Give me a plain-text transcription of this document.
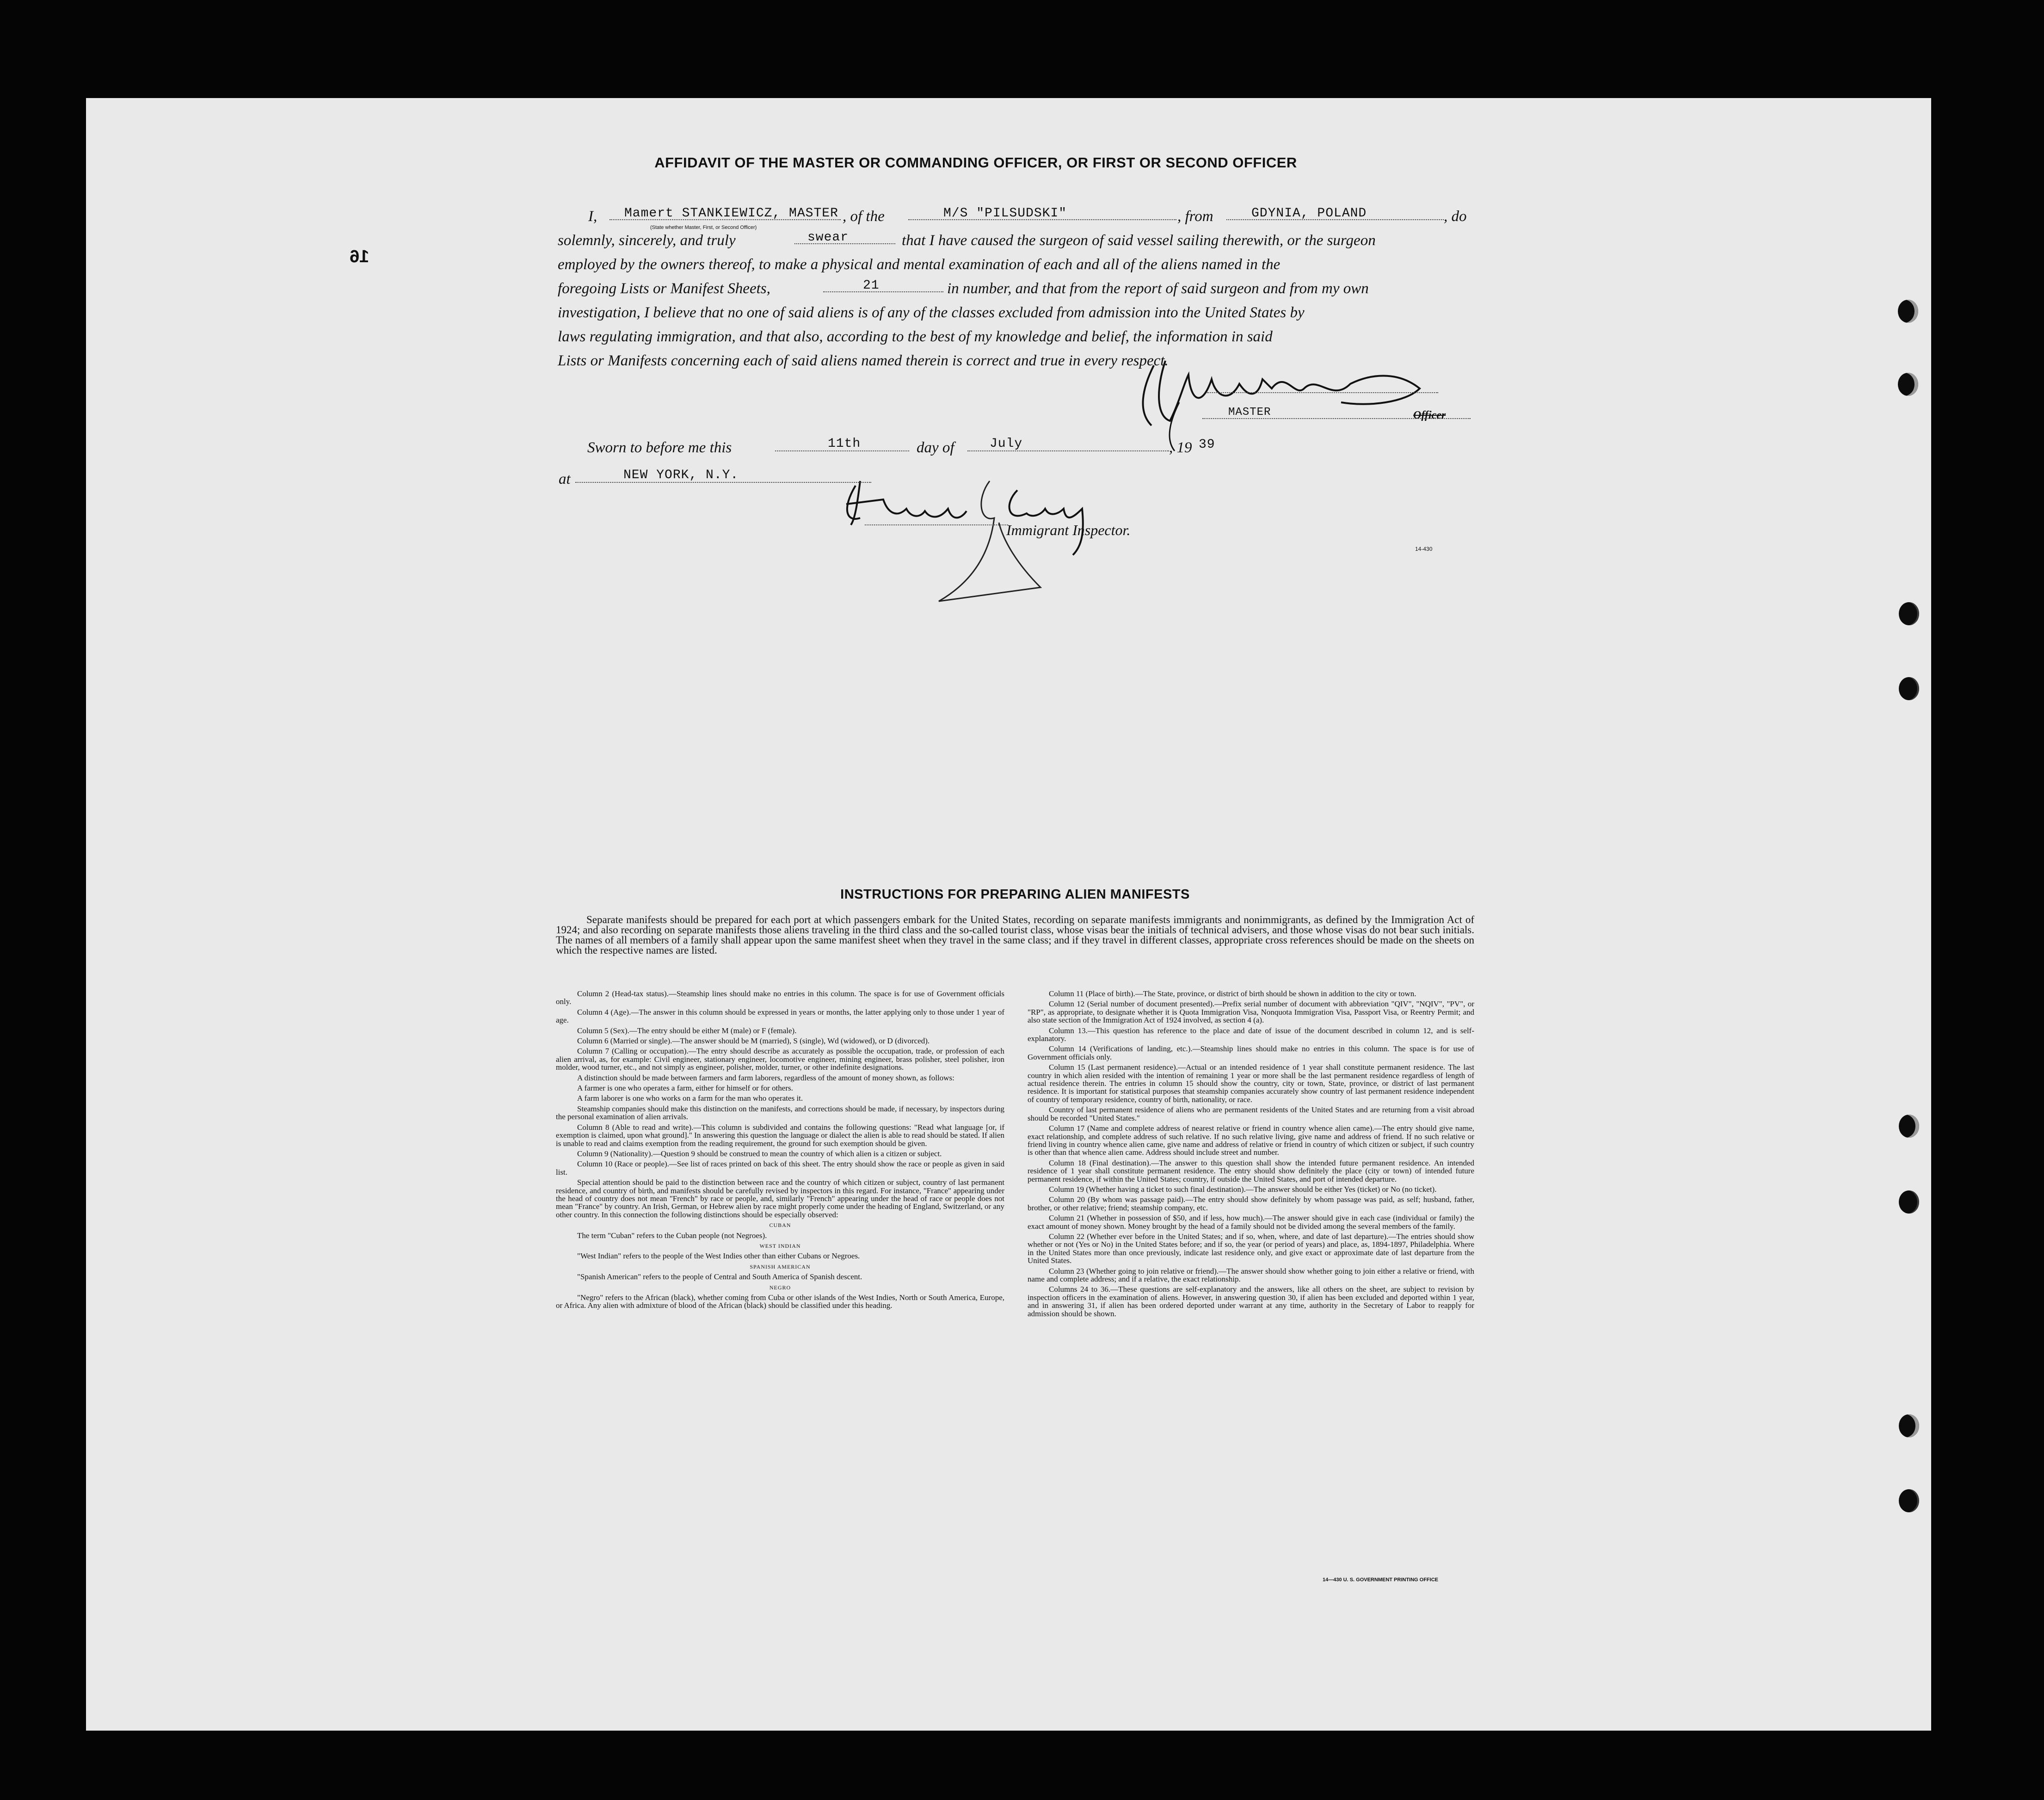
16
AFFIDAVIT OF THE MASTER OR COMMANDING OFFICER, OR FIRST OR SECOND OFFICER
I, Mamert STANKIEWICZ, MASTER
(State whether Master, First, or Second Officer)
, of the	M/S "PILSUDSKI"	, from	GDYNIA, POLAND	, do
solemnly, sincerely, and truly	swear	that I have caused the surgeon of said vessel sailing therewith, or the surgeon
employed by the owners thereof, to make a physical and mental examination of each and all of the aliens named in the
foregoing Lists or Manifest Sheets,	21	in number, and that from the report of said surgeon and from my own
investigation, I believe that no one of said aliens is of any of the classes excluded from admission into the United States by
laws regulating immigration, and that also, according to the best of my knowledge and belief, the information in said
Lists or Manifests concerning each of said aliens named therein is correct and true in every respect.
MASTER	Officer
Sworn to before me this	11th	day of	July	, 19 39
at	NEW YORK, N.Y.
Immigrant Inspector.
14-430
INSTRUCTIONS FOR PREPARING ALIEN MANIFESTS
Separate manifests should be prepared for each port at which passengers embark for the United States, recording on separate manifests immigrants and nonimmigrants, as defined by the Immigration Act of 1924; and also recording on separate manifests those aliens traveling in the third class and the so-called tourist class, whose visas bear the initials of technical advisers, and those whose visas do not bear such initials. The names of all members of a family shall appear upon the same manifest sheet when they travel in the same class; and if they travel in different classes, appropriate cross references should be made on the sheets on which the respective names are listed.

Column 2 (Head-tax status).—Steamship lines should make no entries in this column. The space is for use of Government officials only.

Column 4 (Age).—The answer in this column should be expressed in years or months, the latter applying only to those under 1 year of age.

Column 5 (Sex).—The entry should be either M (male) or F (female).

Column 6 (Married or single).—The answer should be M (married), S (single), Wd (widowed), or D (divorced).

Column 7 (Calling or occupation).—The entry should describe as accurately as possible the occupation, trade, or profession of each alien arrival, as, for example: Civil engineer, stationary engineer, locomotive engineer, mining engineer, brass polisher, steel polisher, iron molder, wood turner, etc., and not simply as engineer, polisher, molder, turner, or other indefinite designations.

A distinction should be made between farmers and farm laborers, regardless of the amount of money shown, as follows:

A farmer is one who operates a farm, either for himself or for others.

A farm laborer is one who works on a farm for the man who operates it.

Steamship companies should make this distinction on the manifests, and corrections should be made, if necessary, by inspectors during the personal examination of alien arrivals.

Column 8 (Able to read and write).—This column is subdivided and contains the following questions: "Read what language [or, if exemption is claimed, upon what ground]." In answering this question the language or dialect the alien is able to read should be stated. If alien is unable to read and claims exemption from the reading requirement, the ground for such exemption should be given.

Column 9 (Nationality).—Question 9 should be construed to mean the country of which alien is a citizen or subject.

Column 10 (Race or people).—See list of races printed on back of this sheet. The entry should show the race or people as given in said list.

Special attention should be paid to the distinction between race and the country of which citizen or subject, country of last permanent residence, and country of birth, and manifests should be carefully revised by inspectors in this regard. For instance, "France" appearing under the head of country does not mean "French" by race or people, and, similarly "French" appearing under the head of race or people does not mean "France" by country. An Irish, German, or Hebrew alien by race might properly come under the heading of England, Switzerland, or any other country. In this connection the following distinctions should be especially observed:

CUBAN

The term "Cuban" refers to the Cuban people (not Negroes).

WEST INDIAN

"West Indian" refers to the people of the West Indies other than either Cubans or Negroes.

SPANISH AMERICAN

"Spanish American" refers to the people of Central and South America of Spanish descent.

NEGRO

"Negro" refers to the African (black), whether coming from Cuba or other islands of the West Indies, North or South America, Europe, or Africa. Any alien with admixture of blood of the African (black) should be classified under this heading.

Column 11 (Place of birth).—The State, province, or district of birth should be shown in addition to the city or town.

Column 12 (Serial number of document presented).—Prefix serial number of document with abbreviation "QIV", "NQIV", "PV", or "RP", as appropriate, to designate whether it is Quota Immigration Visa, Nonquota Immigration Visa, Passport Visa, or Reentry Permit; and also state section of the Immigration Act of 1924 involved, as section 4 (a).

Column 13.—This question has reference to the place and date of issue of the document described in column 12, and is self-explanatory.

Column 14 (Verifications of landing, etc.).—Steamship lines should make no entries in this column. The space is for use of Government officials only.

Column 15 (Last permanent residence).—Actual or an intended residence of 1 year shall constitute permanent residence. The last country in which alien resided with the intention of remaining 1 year or more shall be the last permanent residence regardless of length of actual residence therein. The entries in column 15 should show the country, city or town, State, province, or district of last permanent residence. It is important for statistical purposes that steamship companies accurately show country of last permanent residence independent of country of temporary residence, country of birth, nationality, or race.

Country of last permanent residence of aliens who are permanent residents of the United States and are returning from a visit abroad should be recorded "United States."

Column 17 (Name and complete address of nearest relative or friend in country whence alien came).—The entry should give name, exact relationship, and complete address of such relative. If no such relative living, give name and address of friend. If no such relative or friend living in country whence alien came, give name and address of relative or friend in country of which citizen or subject, if such country is other than that whence alien came. Address should include street and number.

Column 18 (Final destination).—The answer to this question shall show the intended future permanent residence. An intended residence of 1 year shall constitute permanent residence. The entry should show definitely the place (city or town) of intended future permanent residence, if within the United States; country, if outside the United States, and port of intended departure.

Column 19 (Whether having a ticket to such final destination).—The answer should be either Yes (ticket) or No (no ticket).

Column 20 (By whom was passage paid).—The entry should show definitely by whom passage was paid, as self; husband, father, brother, or other relative; friend; steamship company, etc.

Column 21 (Whether in possession of $50, and if less, how much).—The answer should give in each case (individual or family) the exact amount of money shown. Money brought by the head of a family should not be divided among the several members of the family.

Column 22 (Whether ever before in the United States; and if so, when, where, and date of last departure).—The entries should show whether or not (Yes or No) in the United States before; and if so, the year (or period of years) and place, as, 1894-1897, Philadelphia. Where in the United States more than once previously, indicate last residence only, and give exact or approximate date of last departure from the United States.

Column 23 (Whether going to join relative or friend).—The answer should show whether going to join either a relative or friend, with name and complete address; and if a relative, the exact relationship.

Columns 24 to 36.—These questions are self-explanatory and the answers, like all others on the sheet, are subject to revision by inspection officers in the examination of aliens. However, in answering question 30, if alien has been excluded and deported within 1 year, and in answering 31, if alien has been ordered deported under warrant at any time, authority in the Secretary of Labor to reapply for admission should be shown.

14—430 U. S. GOVERNMENT PRINTING OFFICE
